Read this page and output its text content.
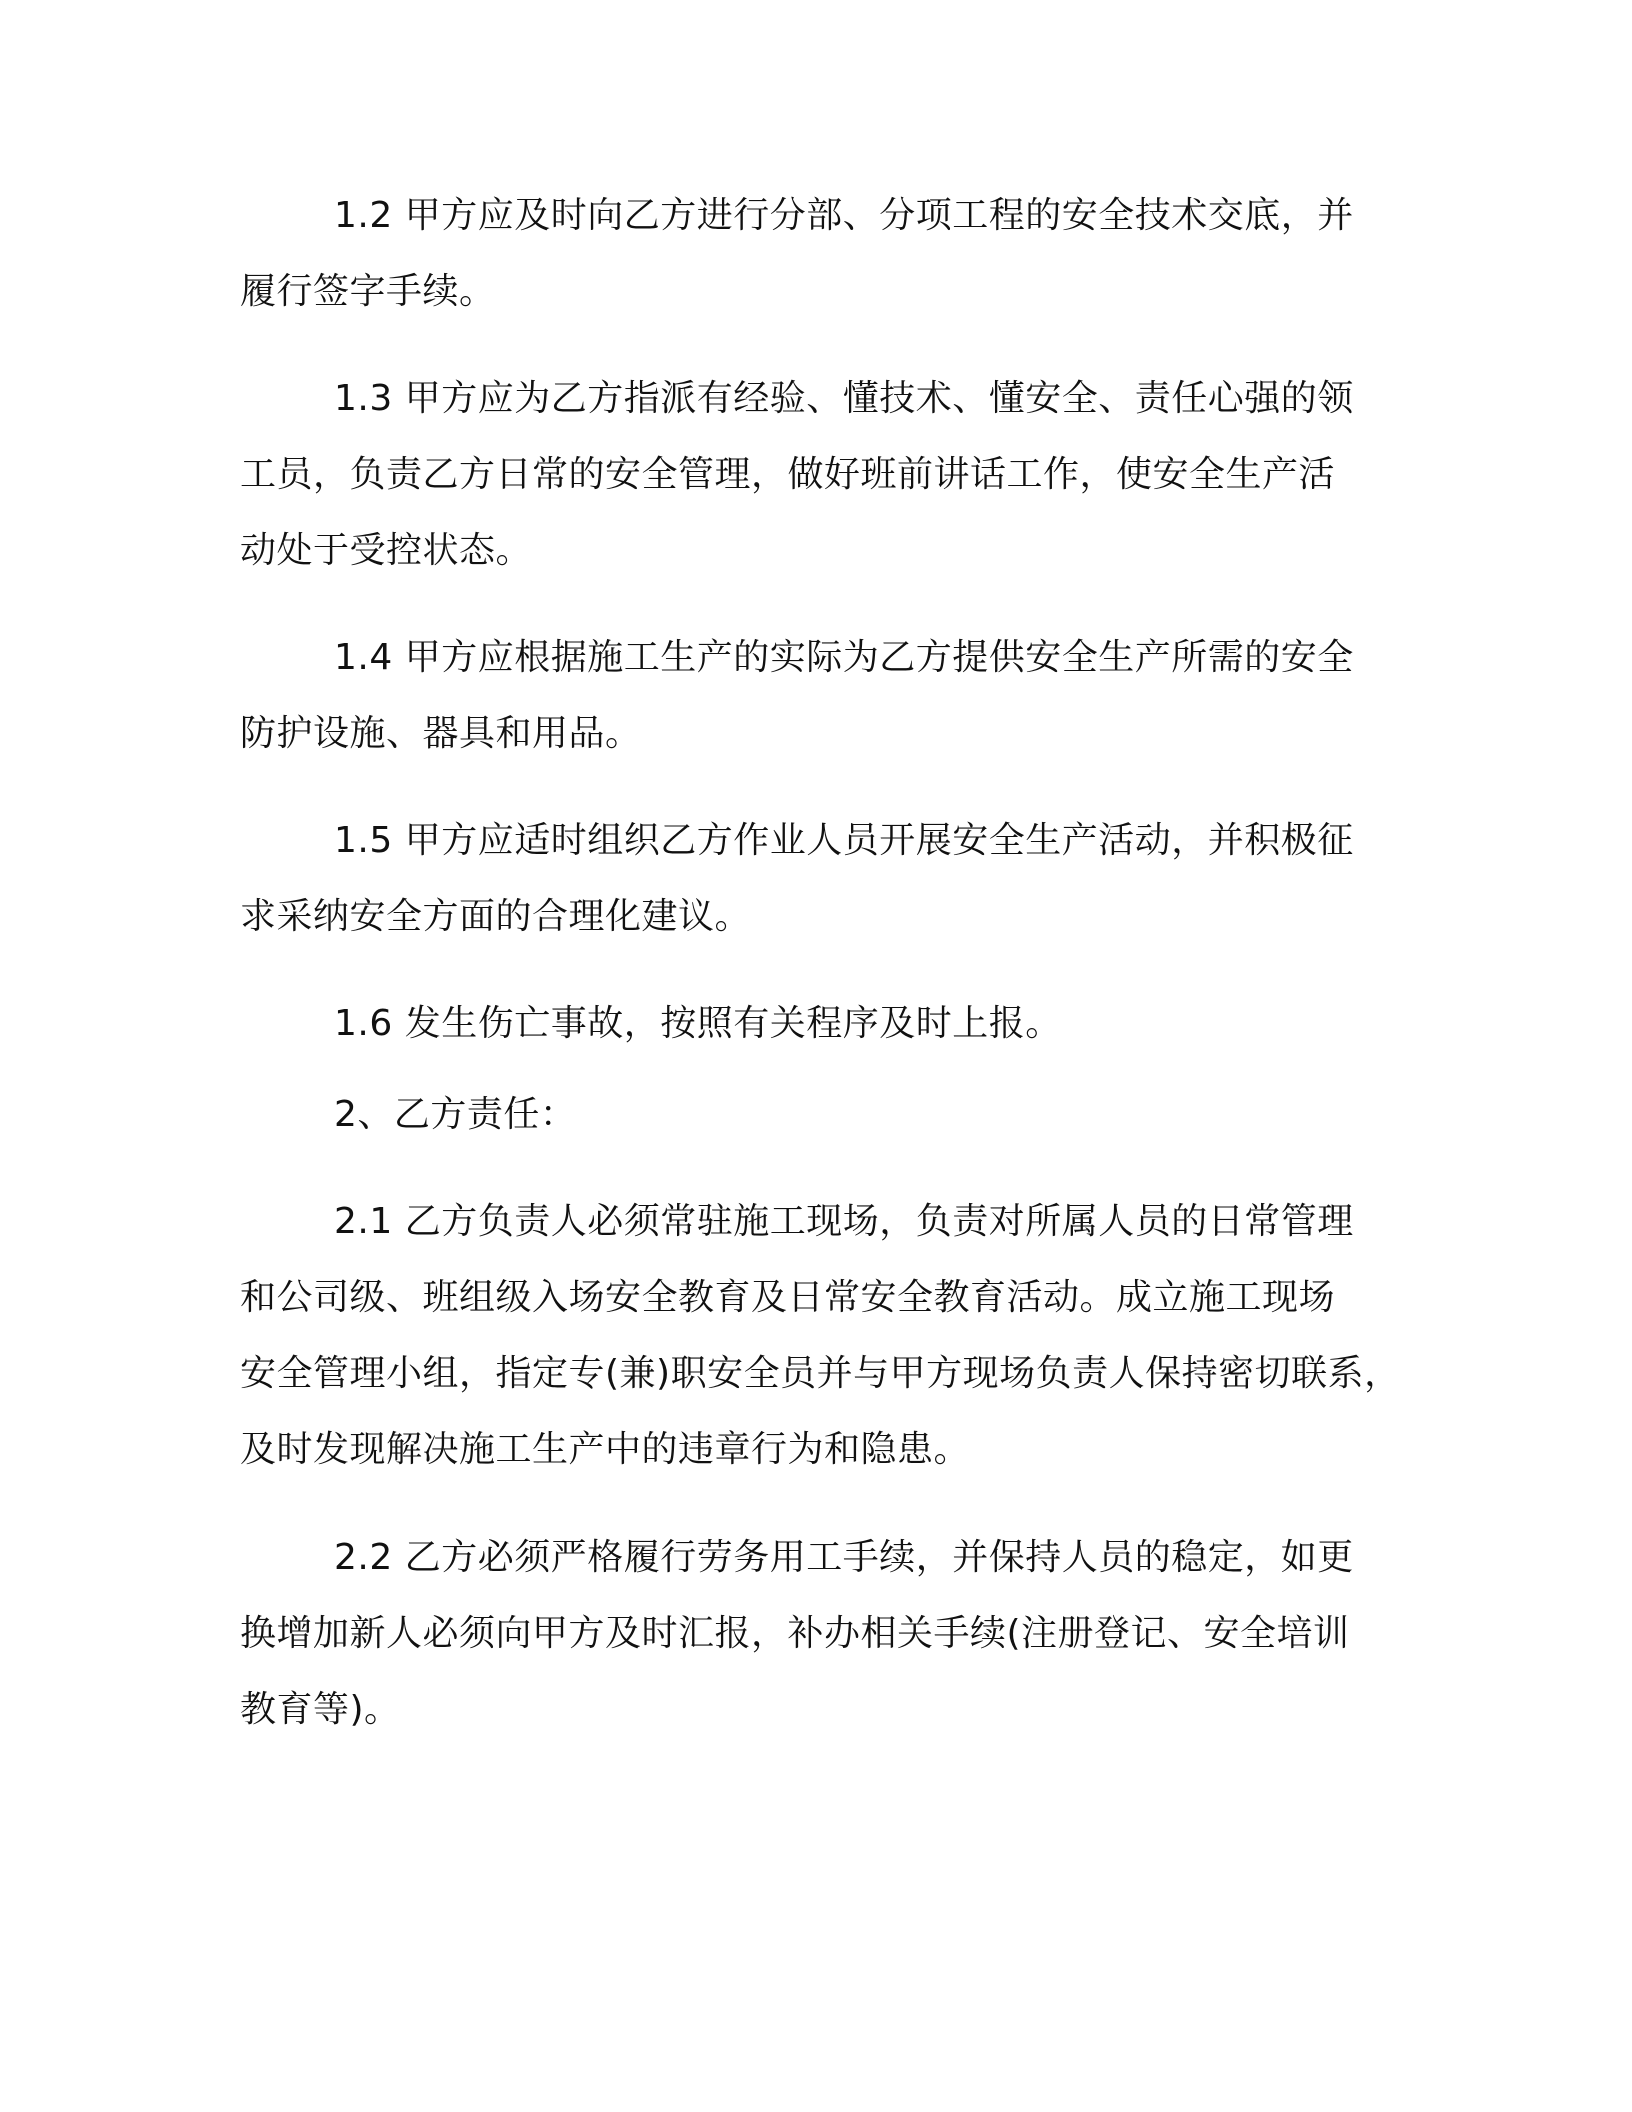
1.2 甲方应及时向乙方进行分部、分项工程的安全技术交底，并
履行签字手续。
1.3 甲方应为乙方指派有经验、懂技术、懂安全、责任心强的领
工员，负责乙方日常的安全管理，做好班前讲话工作，使安全生产活
动处于受控状态。
1.4 甲方应根据施工生产的实际为乙方提供安全生产所需的安全
防护设施、器具和用品。
1.5 甲方应适时组织乙方作业人员开展安全生产活动，并积极征
求采纳安全方面的合理化建议。
1.6 发生伤亡事故，按照有关程序及时上报。
2、乙方责任：
2.1 乙方负责人必须常驻施工现场，负责对所属人员的日常管理
和公司级、班组级入场安全教育及日常安全教育活动。成立施工现场
安全管理小组，指定专(兼)职安全员并与甲方现场负责人保持密切联系，
及时发现解决施工生产中的违章行为和隐患。
2.2 乙方必须严格履行劳务用工手续，并保持人员的稳定，如更
换增加新人必须向甲方及时汇报，补办相关手续(注册登记、安全培训
教育等)。
